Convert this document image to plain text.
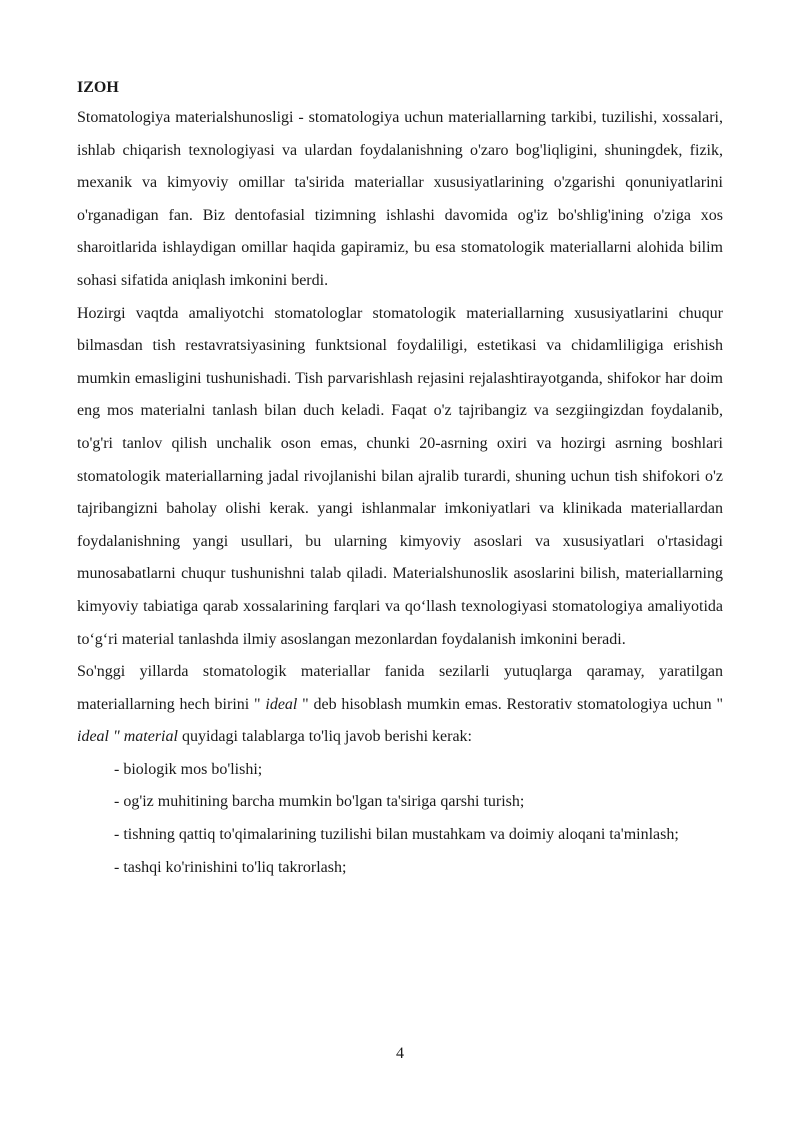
IZOH

Stomatologiya materialshunosligi - stomatologiya uchun materiallarning tarkibi, tuzilishi, xossalari, ishlab chiqarish texnologiyasi va ulardan foydalanishning o'zaro bog'liqligini, shuningdek, fizik, mexanik va kimyoviy omillar ta'sirida materiallar xususiyatlarining o'zgarishi qonuniyatlarini o'rganadigan fan. Biz dentofasial tizimning ishlashi davomida og'iz bo'shlig'ining o'ziga xos sharoitlarida ishlaydigan omillar haqida gapiramiz, bu esa stomatologik materiallarni alohida bilim sohasi sifatida aniqlash imkonini berdi.

Hozirgi vaqtda amaliyotchi stomatologlar stomatologik materiallarning xususiyatlarini chuqur bilmasdan tish restavratsiyasining funktsional foydaliligi, estetikasi va chidamliligiga erishish mumkin emasligini tushunishadi. Tish parvarishlash rejasini rejalashtirayotganda, shifokor har doim eng mos materialni tanlash bilan duch keladi. Faqat o'z tajribangiz va sezgiingizdan foydalanib, to'g'ri tanlov qilish unchalik oson emas, chunki 20-asrning oxiri va hozirgi asrning boshlari stomatologik materiallarning jadal rivojlanishi bilan ajralib turardi, shuning uchun tish shifokori o'z tajribangizni baholay olishi kerak. yangi ishlanmalar imkoniyatlari va klinikada materiallardan foydalanishning yangi usullari, bu ularning kimyoviy asoslari va xususiyatlari o'rtasidagi munosabatlarni chuqur tushunishni talab qiladi. Materialshunoslik asoslarini bilish, materiallarning kimyoviy tabiatiga qarab xossalarining farqlari va qo‘llash texnologiyasi stomatologiya amaliyotida to‘g‘ri material tanlashda ilmiy asoslangan mezonlardan foydalanish imkonini beradi.

So'nggi yillarda stomatologik materiallar fanida sezilarli yutuqlarga qaramay, yaratilgan materiallarning hech birini " ideal " deb hisoblash mumkin emas. Restorativ stomatologiya uchun " ideal " material quyidagi talablarga to'liq javob berishi kerak:

- biologik mos bo'lishi;
- og'iz muhitining barcha mumkin bo'lgan ta'siriga qarshi turish;
- tishning qattiq to'qimalarining tuzilishi bilan mustahkam va doimiy aloqani ta'minlash;
- tashqi ko'rinishini to'liq takrorlash;
4
